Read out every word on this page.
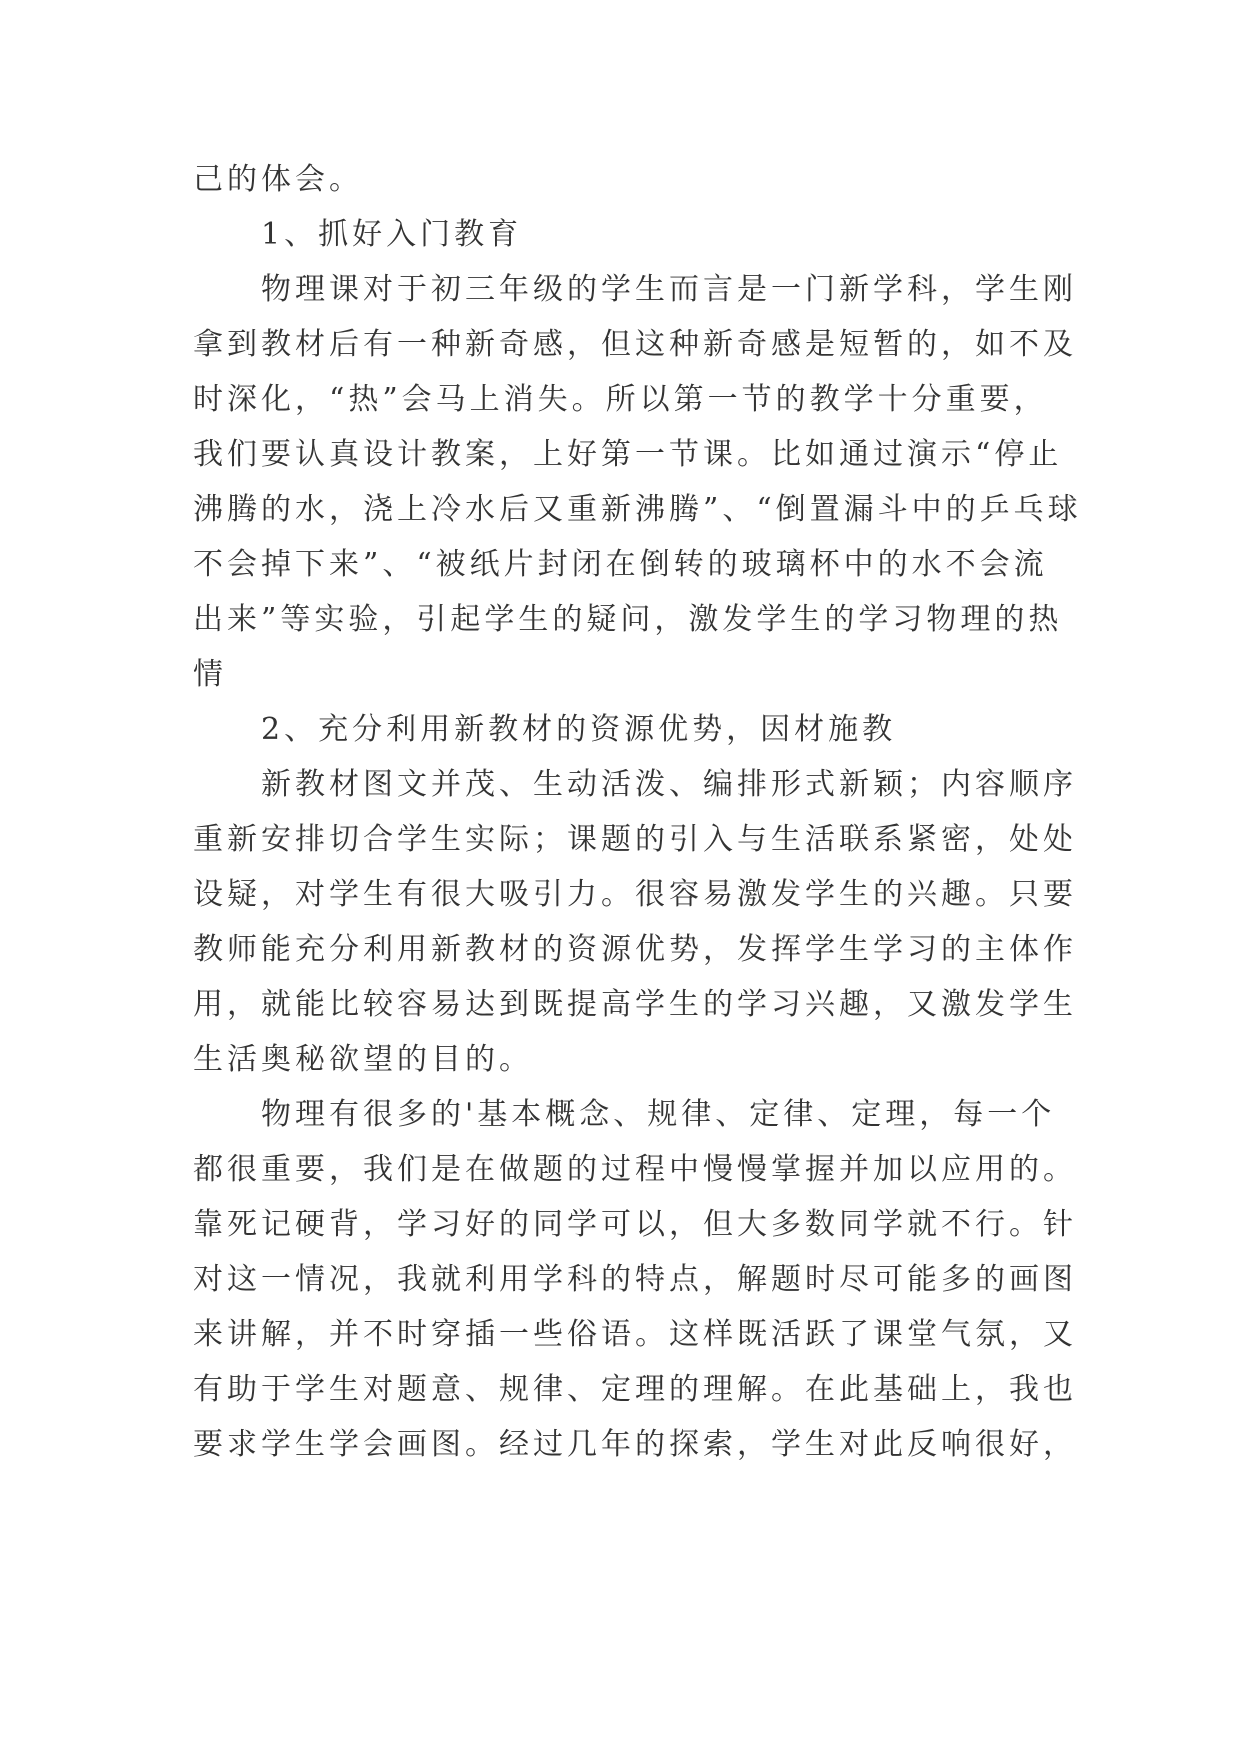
己的体会。
1、抓好入门教育
物理课对于初三年级的学生而言是一门新学科，学生刚
拿到教材后有一种新奇感，但这种新奇感是短暂的，如不及
时深化，“热”会马上消失。所以第一节的教学十分重要，
我们要认真设计教案，上好第一节课。比如通过演示“停止
沸腾的水，浇上冷水后又重新沸腾”、“倒置漏斗中的乒乓球
不会掉下来”、“被纸片封闭在倒转的玻璃杯中的水不会流
出来”等实验，引起学生的疑问，激发学生的学习物理的热
情
2、充分利用新教材的资源优势，因材施教
新教材图文并茂、生动活泼、编排形式新颖；内容顺序
重新安排切合学生实际；课题的引入与生活联系紧密，处处
设疑，对学生有很大吸引力。很容易激发学生的兴趣。只要
教师能充分利用新教材的资源优势，发挥学生学习的主体作
用，就能比较容易达到既提高学生的学习兴趣，又激发学生
生活奥秘欲望的目的。
物理有很多的'基本概念、规律、定律、定理，每一个
都很重要，我们是在做题的过程中慢慢掌握并加以应用的。
靠死记硬背，学习好的同学可以，但大多数同学就不行。针
对这一情况，我就利用学科的特点，解题时尽可能多的画图
来讲解，并不时穿插一些俗语。这样既活跃了课堂气氛，又
有助于学生对题意、规律、定理的理解。在此基础上，我也
要求学生学会画图。经过几年的探索，学生对此反响很好，
